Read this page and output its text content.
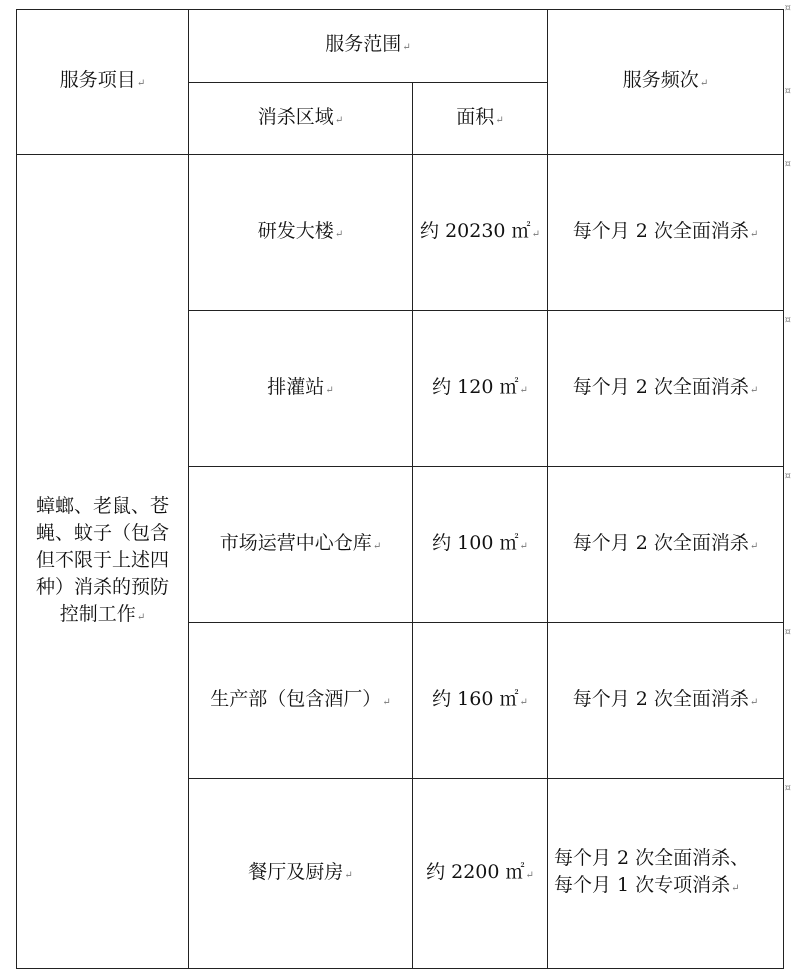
服务项目↵	服务范围↵		服务频次↵
	消杀区域↵	面积↵	

蟑螂、老鼠、苍
蝇、蚊子（包含
但不限于上述四
种）消杀的预防
控制工作↵	研发大楼↵	约 20230 ㎡↵	每个月 2 次全面消杀↵
	排灌站↵	约 120 ㎡↵	每个月 2 次全面消杀↵
	市场运营中心仓库↵	约 100 ㎡↵	每个月 2 次全面消杀↵
	生产部（包含酒厂）↵	约 160 ㎡↵	每个月 2 次全面消杀↵
	餐厅及厨房↵	约 2200 ㎡↵	每个月 2 次全面消杀、
每个月 1 次专项消杀↵
¤
¤
¤
¤
¤
¤
¤
